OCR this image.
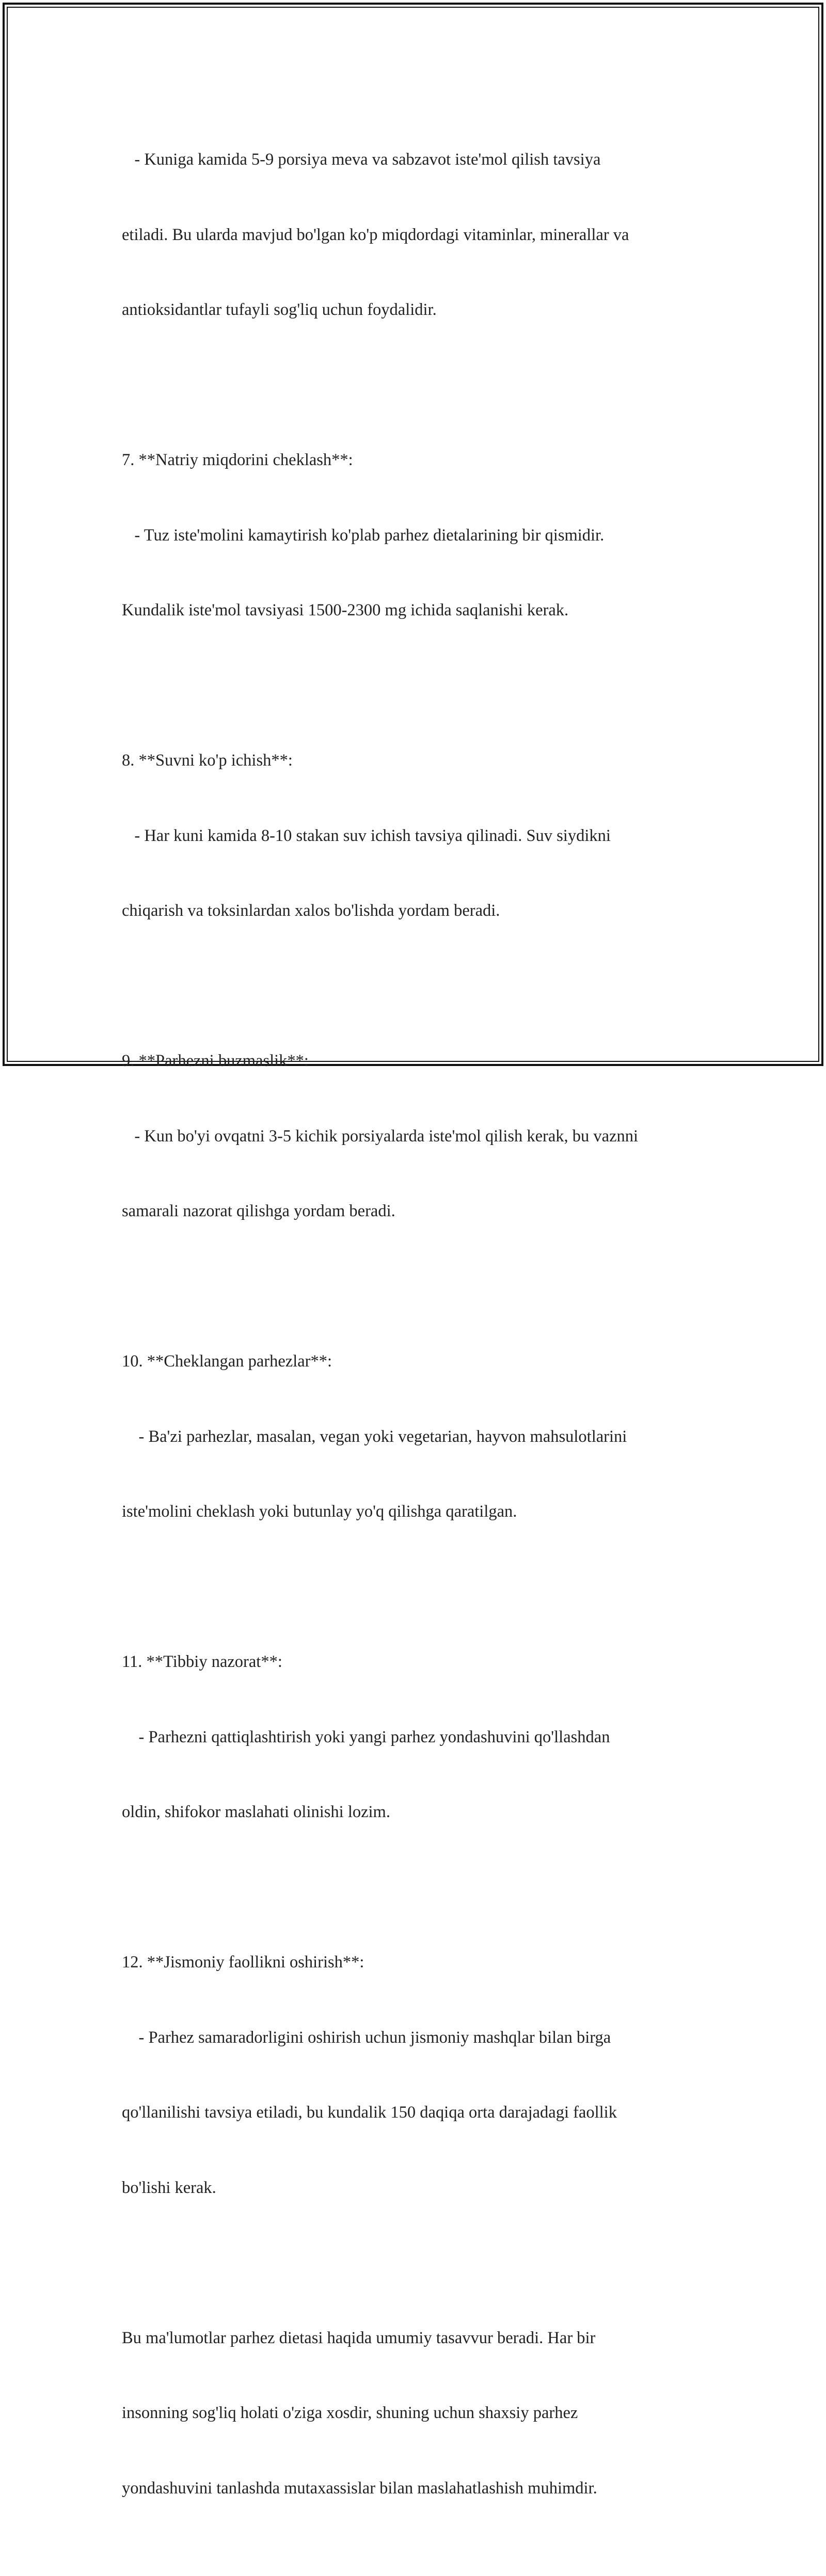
- Kuniga kamida 5-9 porsiya meva va sabzavot iste'mol qilish tavsiya

etiladi. Bu ularda mavjud bo'lgan ko'p miqdordagi vitaminlar, minerallar va

antioksidantlar tufayli sog'liq uchun foydalidir.

7. **Natriy miqdorini cheklash**:

- Tuz iste'molini kamaytirish ko'plab parhez dietalarining bir qismidir.

Kundalik iste'mol tavsiyasi 1500-2300 mg ichida saqlanishi kerak.

8. **Suvni ko'p ichish**:

- Har kuni kamida 8-10 stakan suv ichish tavsiya qilinadi. Suv siydikni

chiqarish va toksinlardan xalos bo'lishda yordam beradi.

9. **Parhezni buzmaslik**:

- Kun bo'yi ovqatni 3-5 kichik porsiyalarda iste'mol qilish kerak, bu vaznni

samarali nazorat qilishga yordam beradi.

10. **Cheklangan parhezlar**:

- Ba'zi parhezlar, masalan, vegan yoki vegetarian, hayvon mahsulotlarini

iste'molini cheklash yoki butunlay yo'q qilishga qaratilgan.

11. **Tibbiy nazorat**:

- Parhezni qattiqlashtirish yoki yangi parhez yondashuvini qo'llashdan

oldin, shifokor maslahati olinishi lozim.

12. **Jismoniy faollikni oshirish**:

- Parhez samaradorligini oshirish uchun jismoniy mashqlar bilan birga

qo'llanilishi tavsiya etiladi, bu kundalik 150 daqiqa orta darajadagi faollik

bo'lishi kerak.

Bu ma'lumotlar parhez dietasi haqida umumiy tasavvur beradi. Har bir

insonning sog'liq holati o'ziga xosdir, shuning uchun shaxsiy parhez

yondashuvini tanlashda mutaxassislar bilan maslahatlashish muhimdir.
